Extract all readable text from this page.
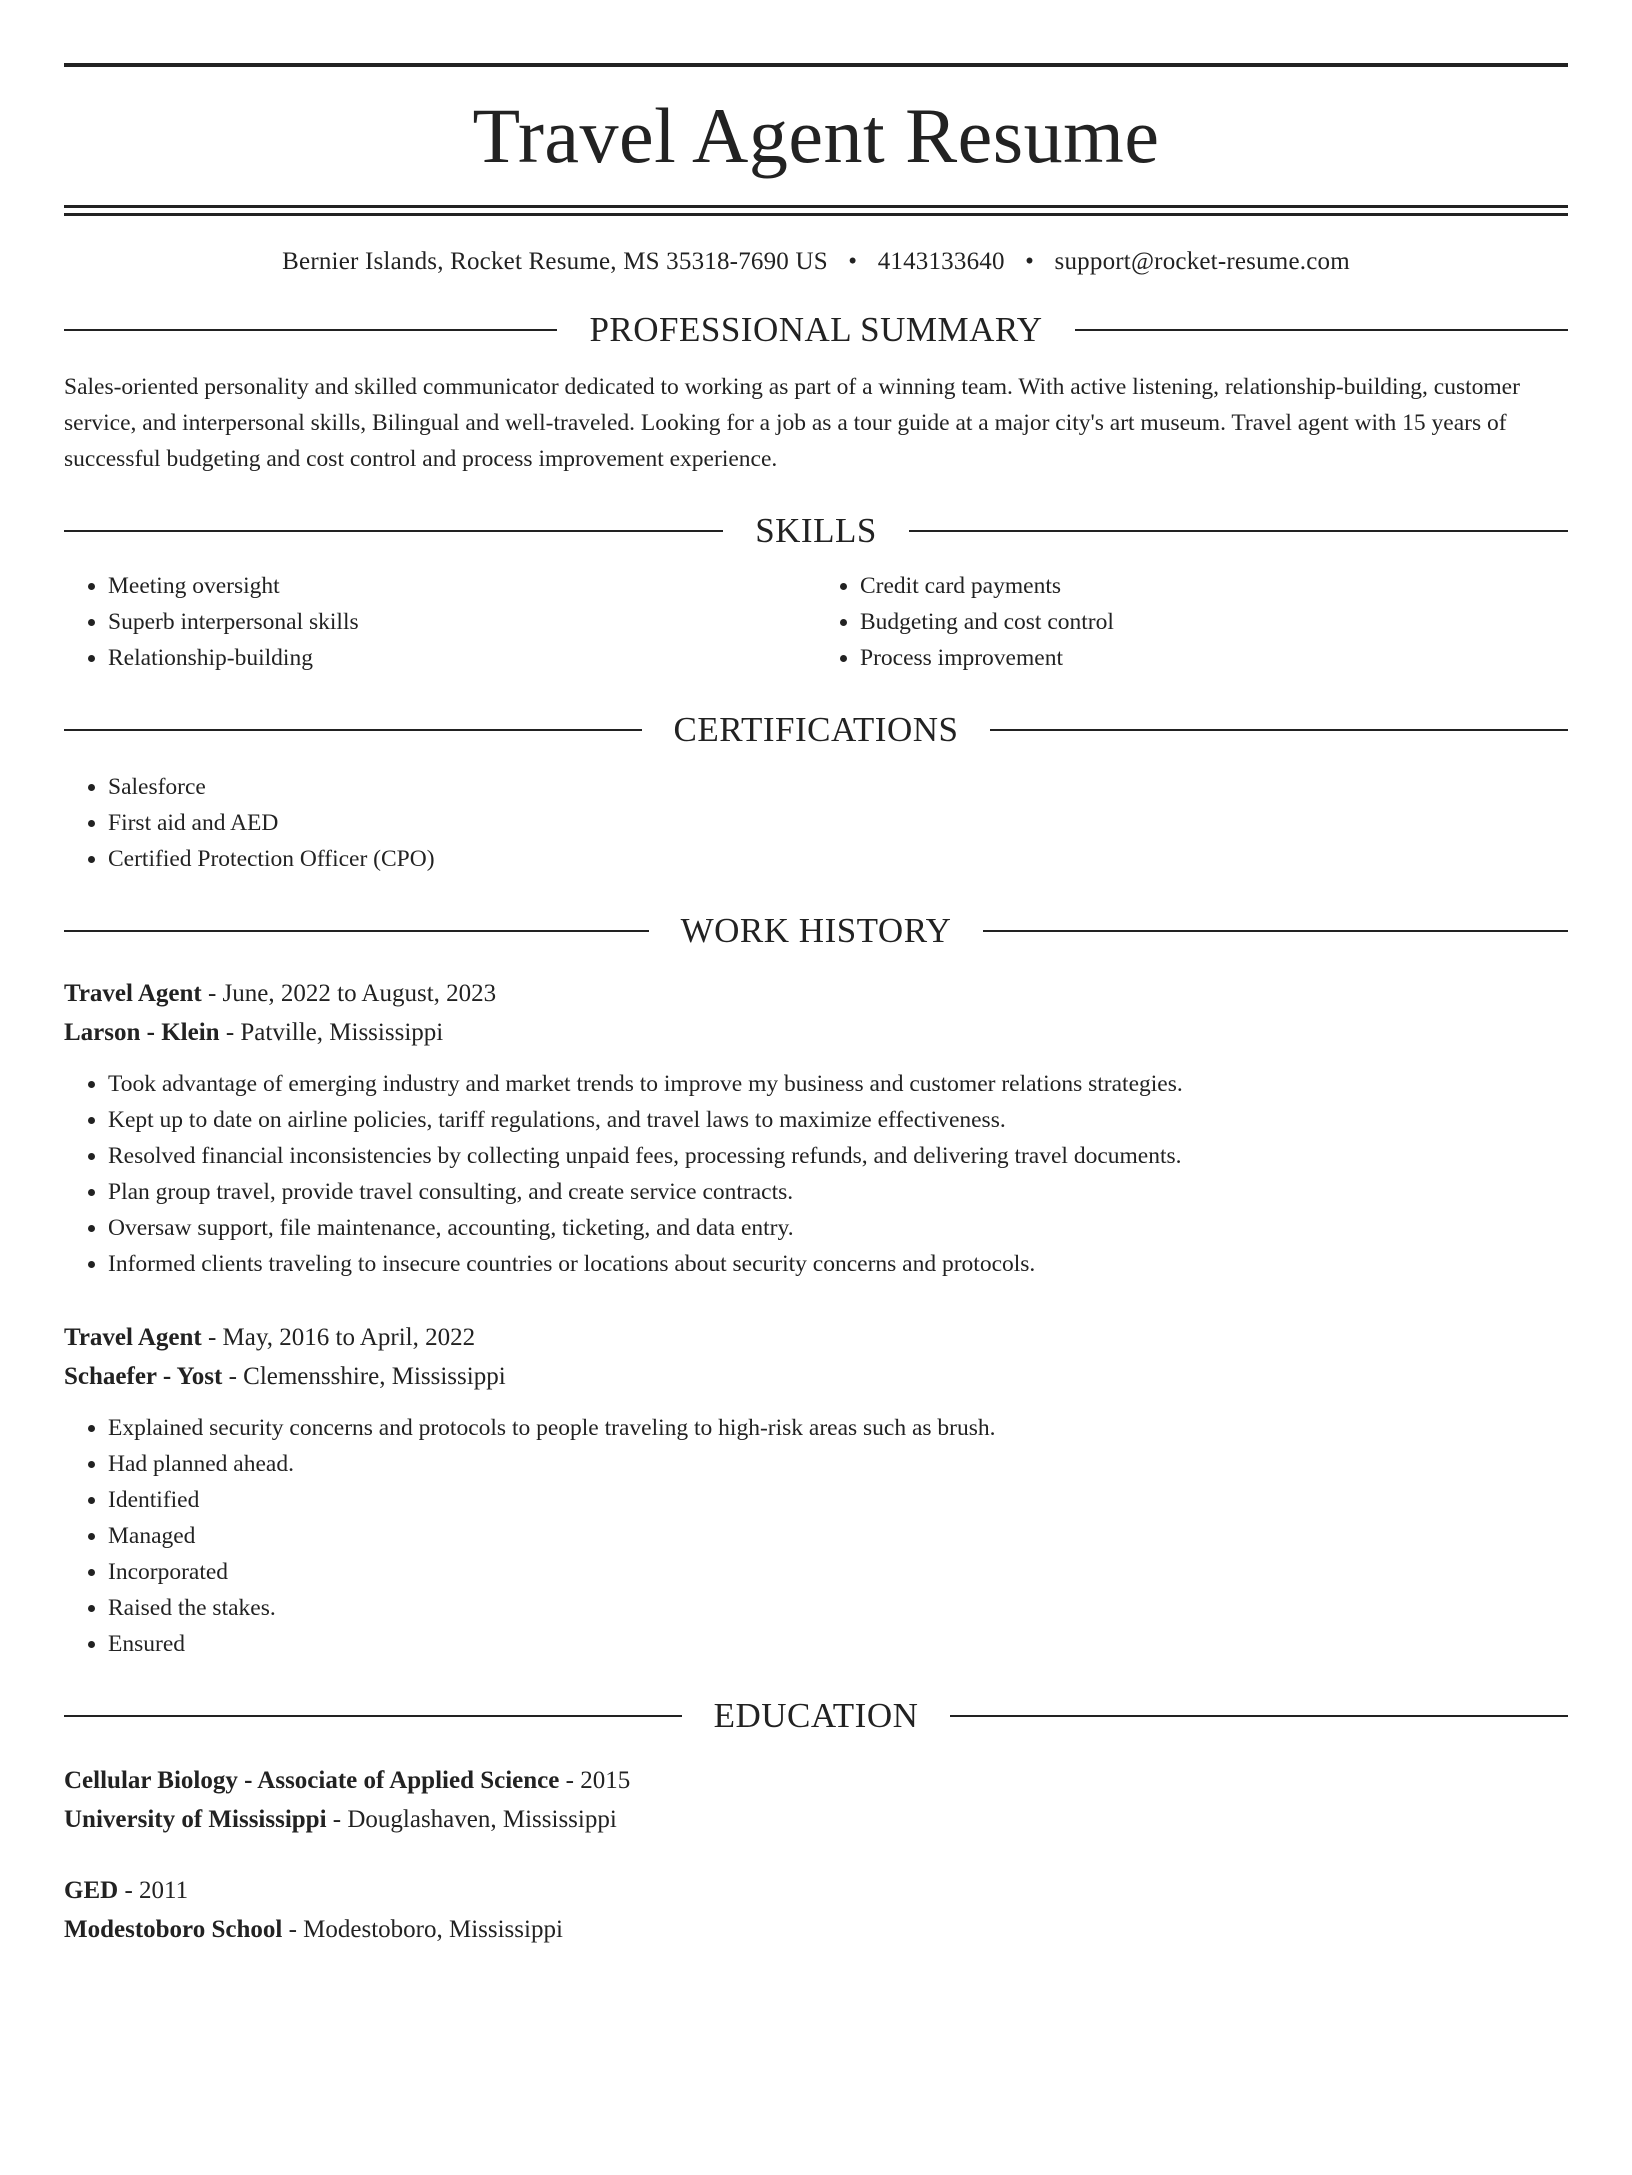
Travel Agent Resume
Bernier Islands, Rocket Resume, MS 35318-7690 US • 4143133640 • support@rocket-resume.com
PROFESSIONAL SUMMARY
Sales-oriented personality and skilled communicator dedicated to working as part of a winning team. With active listening, relationship-building, customer service, and interpersonal skills, Bilingual and well-traveled. Looking for a job as a tour guide at a major city's art museum. Travel agent with 15 years of successful budgeting and cost control and process improvement experience.
SKILLS
• Meeting oversight
• Superb interpersonal skills
• Relationship-building
• Credit card payments
• Budgeting and cost control
• Process improvement
CERTIFICATIONS
• Salesforce
• First aid and AED
• Certified Protection Officer (CPO)
WORK HISTORY
Travel Agent - June, 2022 to August, 2023
Larson - Klein - Patville, Mississippi
• Took advantage of emerging industry and market trends to improve my business and customer relations strategies.
• Kept up to date on airline policies, tariff regulations, and travel laws to maximize effectiveness.
• Resolved financial inconsistencies by collecting unpaid fees, processing refunds, and delivering travel documents.
• Plan group travel, provide travel consulting, and create service contracts.
• Oversaw support, file maintenance, accounting, ticketing, and data entry.
• Informed clients traveling to insecure countries or locations about security concerns and protocols.
Travel Agent - May, 2016 to April, 2022
Schaefer - Yost - Clemensshire, Mississippi
• Explained security concerns and protocols to people traveling to high-risk areas such as brush.
• Had planned ahead.
• Identified
• Managed
• Incorporated
• Raised the stakes.
• Ensured
EDUCATION
Cellular Biology - Associate of Applied Science - 2015
University of Mississippi - Douglashaven, Mississippi
GED - 2011
Modestoboro School - Modestoboro, Mississippi
